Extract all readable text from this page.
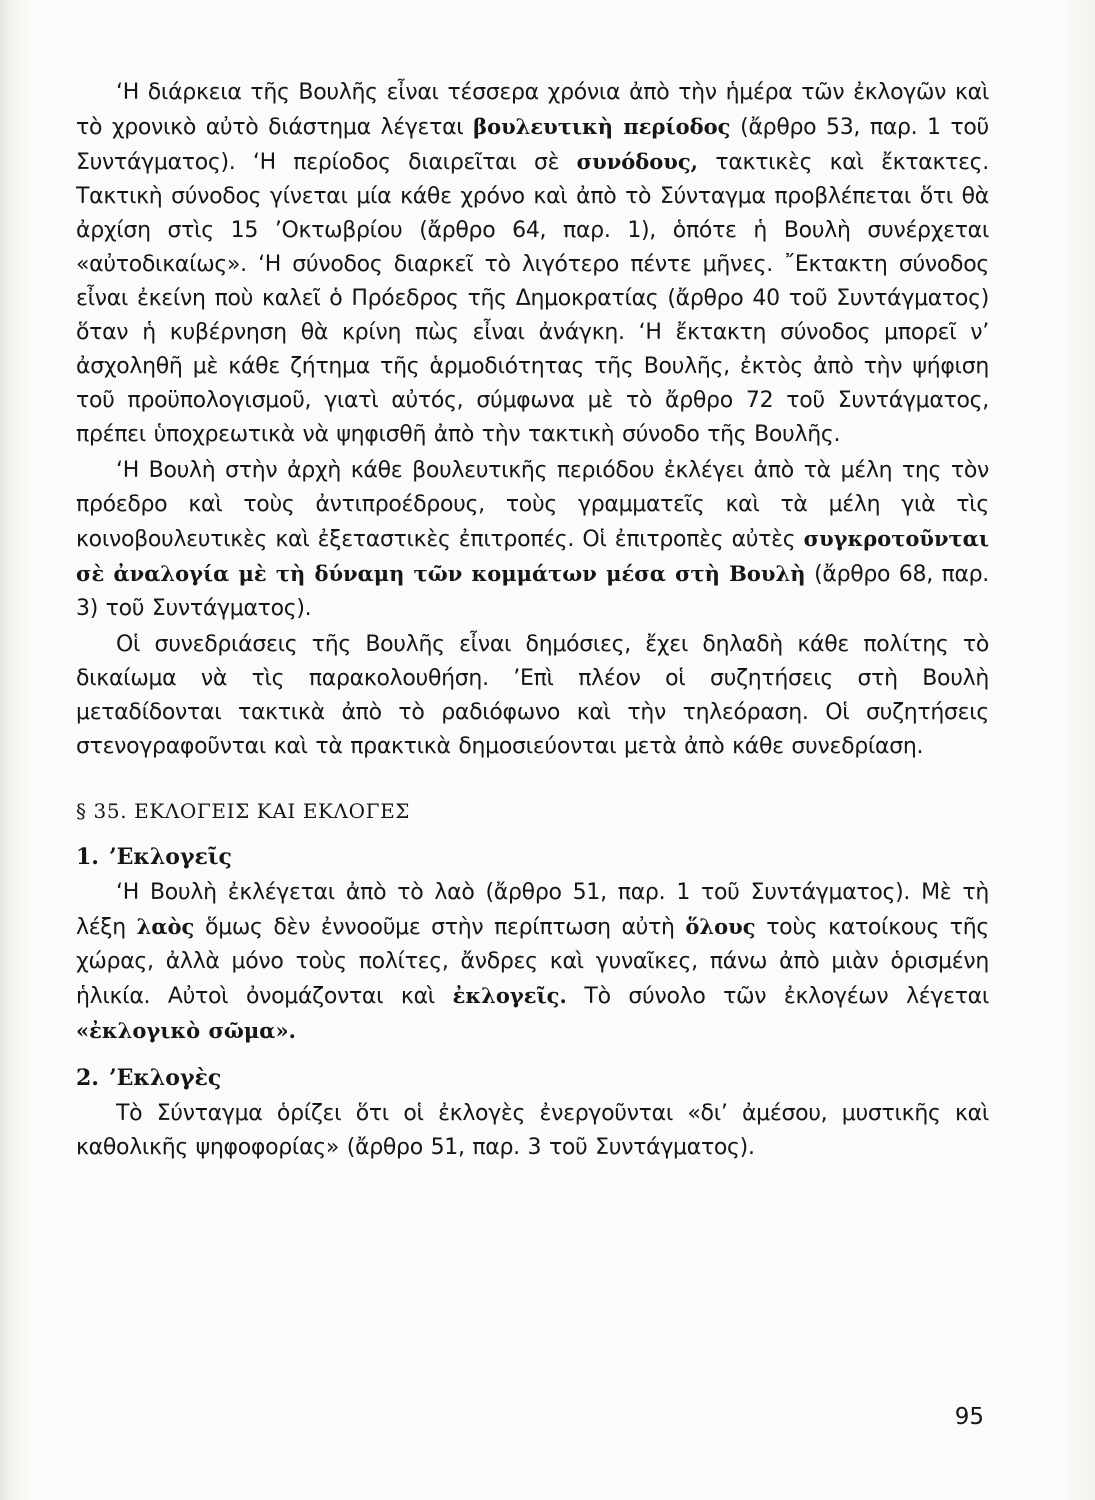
‘Η διάρκεια τῆς Βουλῆς εἶναι τέσσερα χρόνια ἀπὸ τὴν ἡμέρα τῶν ἐκλογῶν καὶ τὸ χρονικὸ αὐτὸ διάστημα λέγεται βουλευτικὴ περίοδος (ἄρθρο 53, παρ. 1 τοῦ Συντάγματος). ‘Η περίοδος διαιρεῖται σὲ συνόδους, τακτικὲς καὶ ἔκτακτες. Τακτικὴ σύνοδος γίνεται μία κάθε χρόνο καὶ ἀπὸ τὸ Σύνταγμα προβλέπεται ὅτι θὰ ἀρχίση στὶς 15 ’Οκτωβρίου (ἄρθρο 64, παρ. 1), ὁπότε ἡ Βουλὴ συνέρχεται «αὐτοδικαίως». ‘Η σύνοδος διαρκεῖ τὸ λιγότερο πέντε μῆνες. ῎Εκτακτη σύνοδος εἶναι ἐκείνη ποὺ καλεῖ ὁ Πρόεδρος τῆς Δημοκρατίας (ἄρθρο 40 τοῦ Συντάγματος) ὅταν ἡ κυβέρνηση θὰ κρίνη πὼς εἶναι ἀνάγκη. ‘Η ἔκτακτη σύνοδος μπορεῖ ν’ ἀσχοληθῆ μὲ κάθε ζήτημα τῆς ἁρμοδιότητας τῆς Βουλῆς, ἐκτὸς ἀπὸ τὴν ψήφιση τοῦ προϋπολογισμοῦ, γιατὶ αὐτός, σύμφωνα μὲ τὸ ἄρθρο 72 τοῦ Συντάγματος, πρέπει ὑποχρεωτικὰ νὰ ψηφισθῆ ἀπὸ τὴν τακτικὴ σύνοδο τῆς Βουλῆς.

‘Η Βουλὴ στὴν ἀρχὴ κάθε βουλευτικῆς περιόδου ἐκλέγει ἀπὸ τὰ μέλη της τὸν πρόεδρο καὶ τοὺς ἀντιπροέδρους, τοὺς γραμματεῖς καὶ τὰ μέλη γιὰ τὶς κοινοβουλευτικὲς καὶ ἐξεταστικὲς ἐπιτροπές. Οἱ ἐπιτροπὲς αὐτὲς συγκροτοῦνται σὲ ἀναλογία μὲ τὴ δύναμη τῶν κομμάτων μέσα στὴ Βουλὴ (ἄρθρο 68, παρ. 3) τοῦ Συντάγματος).

Οἱ συνεδριάσεις τῆς Βουλῆς εἶναι δημόσιες, ἔχει δηλαδὴ κάθε πολίτης τὸ δικαίωμα νὰ τὶς παρακολουθήση. ’Επὶ πλέον οἱ συζητήσεις στὴ Βουλὴ μεταδίδονται τακτικὰ ἀπὸ τὸ ραδιόφωνο καὶ τὴν τηλεόραση. Οἱ συζητήσεις στενογραφοῦνται καὶ τὰ πρακτικὰ δημοσιεύονται μετὰ ἀπὸ κάθε συνεδρίαση.

§ 35. ΕΚΛΟΓΕΙΣ ΚΑΙ ΕΚΛΟΓΕΣ
1. ’Εκλογεῖς

‘Η Βουλὴ ἐκλέγεται ἀπὸ τὸ λαὸ (ἄρθρο 51, παρ. 1 τοῦ Συντάγματος). Μὲ τὴ λέξη λαὸς ὅμως δὲν ἐννοοῦμε στὴν περίπτωση αὐτὴ ὅλους τοὺς κατοίκους τῆς χώρας, ἀλλὰ μόνο τοὺς πολίτες, ἄνδρες καὶ γυναῖκες, πάνω ἀπὸ μιὰν ὁρισμένη ἡλικία. Αὐτοὶ ὀνομάζονται καὶ ἐκλογεῖς. Τὸ σύνολο τῶν ἐκλογέων λέγεται «ἐκλογικὸ σῶμα».

2. ’Εκλογὲς

Τὸ Σύνταγμα ὁρίζει ὅτι οἱ ἐκλογὲς ἐνεργοῦνται «δι’ ἀμέσου, μυστικῆς καὶ καθολικῆς ψηφοφορίας» (ἄρθρο 51, παρ. 3 τοῦ Συντάγματος).

95
